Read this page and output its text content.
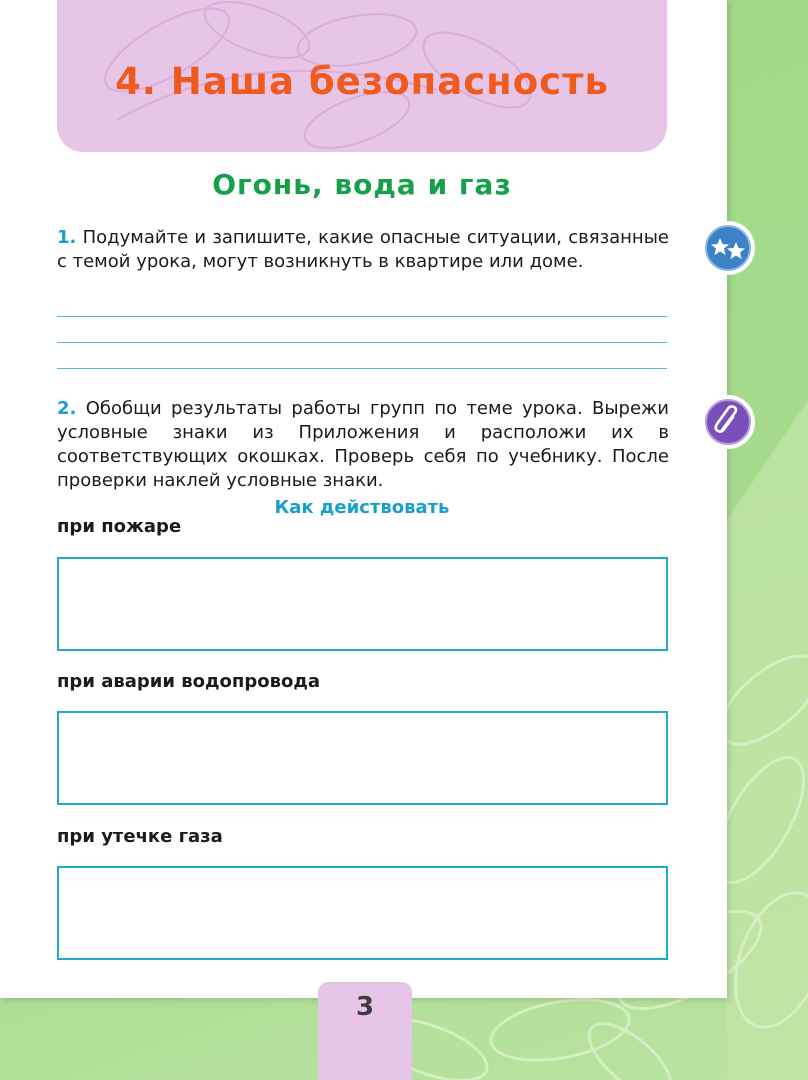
4. Наша безопасность
Огонь, вода и газ
1. Подумайте и запишите, какие опасные ситуации, связанные с темой урока, могут возникнуть в квартире или доме.
2. Обобщи результаты работы групп по теме урока. Вырежи условные знаки из Приложения и расположи их в соответствующих окошках. Проверь себя по учебнику. После проверки наклей условные знаки.
Как действовать
при пожаре
при аварии водопровода
при утечке газа
3
